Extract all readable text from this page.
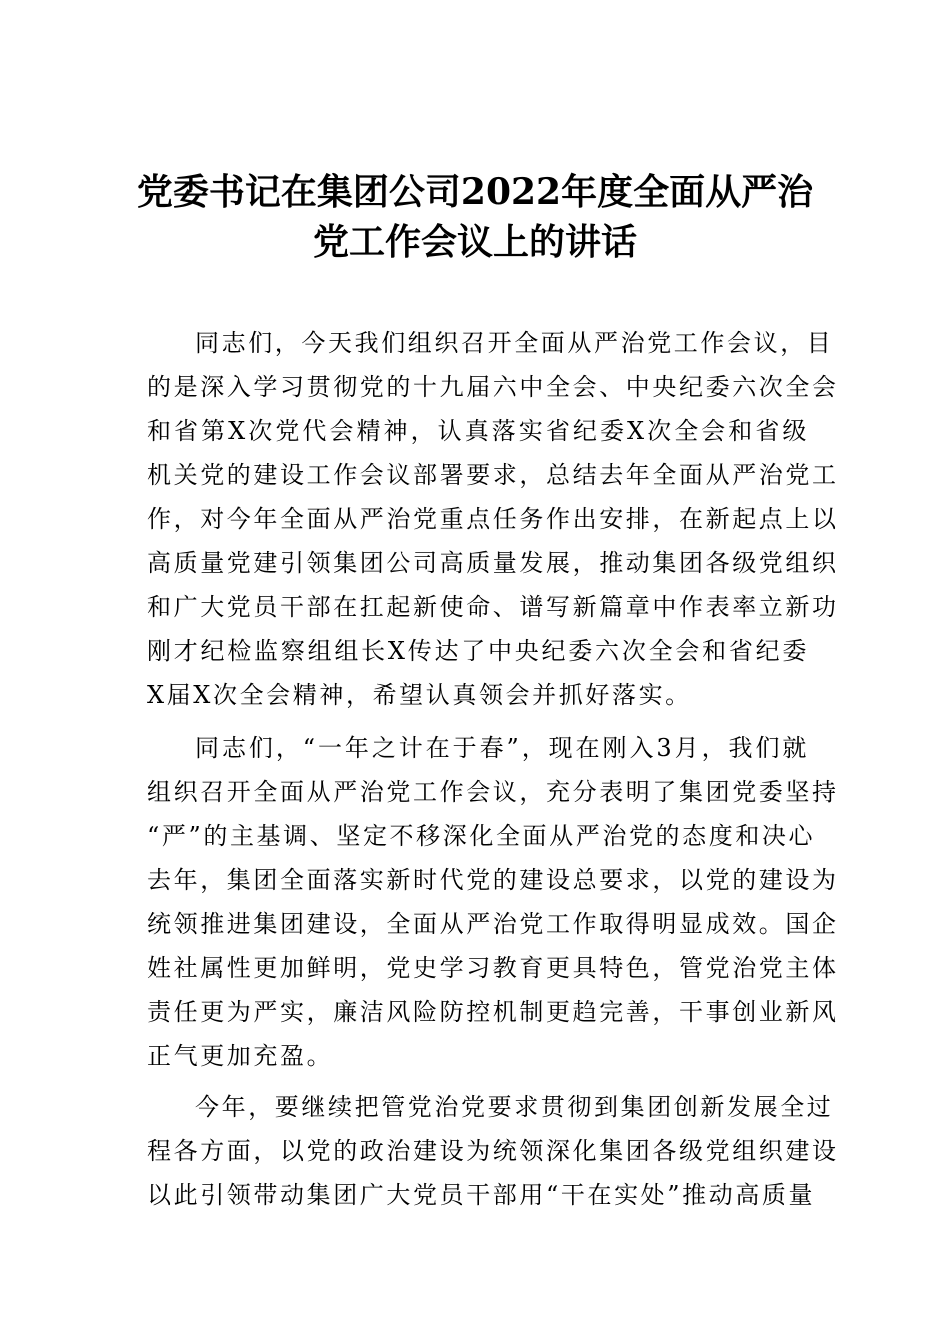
党委书记在集团公司2022年度全面从严治
党工作会议上的讲话
同志们，今天我们组织召开全面从严治党工作会议，目
的是深入学习贯彻党的十九届六中全会、中央纪委六次全会
和省第X次党代会精神，认真落实省纪委X次全会和省级
机关党的建设工作会议部署要求，总结去年全面从严治党工
作，对今年全面从严治党重点任务作出安排，在新起点上以
高质量党建引领集团公司高质量发展，推动集团各级党组织
和广大党员干部在扛起新使命、谱写新篇章中作表率立新功
刚才纪检监察组组长X传达了中央纪委六次全会和省纪委
X届X次全会精神，希望认真领会并抓好落实。
同志们，“一年之计在于春”，现在刚入3月，我们就
组织召开全面从严治党工作会议，充分表明了集团党委坚持
“严”的主基调、坚定不移深化全面从严治党的态度和决心
去年，集团全面落实新时代党的建设总要求，以党的建设为
统领推进集团建设，全面从严治党工作取得明显成效。国企
姓社属性更加鲜明，党史学习教育更具特色，管党治党主体
责任更为严实，廉洁风险防控机制更趋完善，干事创业新风
正气更加充盈。
今年，要继续把管党治党要求贯彻到集团创新发展全过
程各方面，以党的政治建设为统领深化集团各级党组织建设
以此引领带动集团广大党员干部用“干在实处”推动高质量
